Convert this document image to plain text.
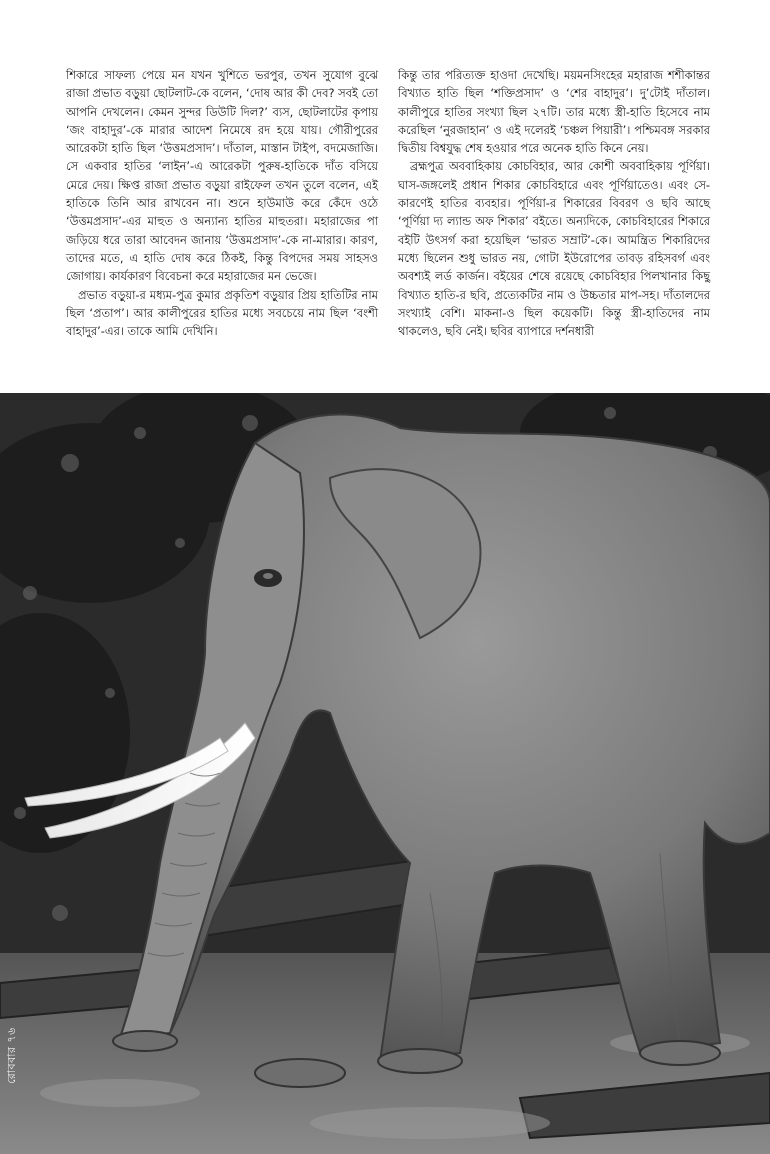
শিকারে সাফল্য পেয়ে মন যখন খুশিতে ভরপুর, তখন সুযোগ বুঝে রাজা প্রভাত বড়ুয়া ছোটলাট-কে বলেন, ‘দোষ আর কী দেব? সবই তো আপনি দেখলেন। কেমন সুন্দর ডিউটি দিল?’ ব্যস, ছোটলাটের কৃপায় ‘জং বাহাদুর’-কে মারার আদেশ নিমেষে রদ হয়ে যায়। গৌরীপুরের আরেকটা হাতি ছিল ‘উত্তমপ্রসাদ’। দাঁতাল, মাস্তান টাইপ, বদমেজাজি। সে একবার হাতির ‘লাইন’-এ আরেকটা পুরুষ-হাতিকে দাঁত বসিয়ে মেরে দেয়। ক্ষিপ্ত রাজা প্রভাত বড়ুয়া রাইফেল তখন তুলে বলেন, এই হাতিকে তিনি আর রাখবেন না। শুনে হাউমাউ করে কেঁদে ওঠে ‘উত্তমপ্রসাদ’-এর মাহুত ও অন্যান্য হাতির মাহুতরা। মহারাজের পা জড়িয়ে ধরে তারা আবেদন জানায় ‘উত্তমপ্রসাদ’-কে না-মারার। কারণ, তাদের মতে, এ হাতি দোষ করে ঠিকই, কিন্তু বিপদের সময় সাহসও জোগায়। কার্যকারণ বিবেচনা করে মহারাজের মন ভেজে।

প্রভাত বড়ুয়া-র মধ্যম-পুত্র কুমার প্রকৃতিশ বড়ুয়ার প্রিয় হাতিটির নাম ছিল ‘প্রতাপ’। আর কালীপুরের হাতির মধ্যে সবচেয়ে নাম ছিল ‘বংশী বাহাদুর’-এর। তাকে আমি দেখিনি।

কিন্তু তার পরিত্যক্ত হাওদা দেখেছি। ময়মনসিংহের মহারাজ শশীকান্তর বিখ্যাত হাতি ছিল ‘শক্তিপ্রসাদ’ ও ‘শের বাহাদুর’। দু’টোই দাঁতাল। কালীপুরে হাতির সংখ্যা ছিল ২৭টি। তার মধ্যে স্ত্রী-হাতি হিসেবে নাম করেছিল ‘নুরজাহান’ ও এই দলেরই ‘চঞ্চল পিয়ারী’। পশ্চিমবঙ্গ সরকার দ্বিতীয় বিশ্বযুদ্ধ শেষ হওয়ার পরে অনেক হাতি কিনে নেয়।

ব্রহ্মপুত্র অববাহিকায় কোচবিহার, আর কোশী অববাহিকায় পূর্ণিয়া। ঘাস-জঙ্গলেই প্রধান শিকার কোচবিহারে এবং পূর্ণিয়াতেও। এবং সে-কারণেই হাতির ব্যবহার। পূর্ণিয়া-র শিকারের বিবরণ ও ছবি আছে ‘পূর্ণিয়া দ্য ল্যান্ড অফ শিকার’ বইতে। অন্যদিকে, কোচবিহারের শিকারে বইটি উৎসর্গ করা হয়েছিল ‘ভারত সম্রাট’-কে। আমন্ত্রিত শিকারিদের মধ্যে ছিলেন শুধু ভারত নয়, গোটা ইউরোপের তাবড় রহিসবর্গ এবং অবশ্যই লর্ড কার্জন। বইয়ের শেষে রয়েছে কোচবিহার পিলখানার কিছু বিখ্যাত হাতি-র ছবি, প্রত্যেকটির নাম ও উচ্চতার মাপ-সহ। দাঁতালদের সংখ্যাই বেশি। মাকনা-ও ছিল কয়েকটি। কিন্তু স্ত্রী-হাতিদের নাম থাকলেও, ছবি নেই। ছবির ব্যাপারে দর্শনধারী

রোববার ৭৬
